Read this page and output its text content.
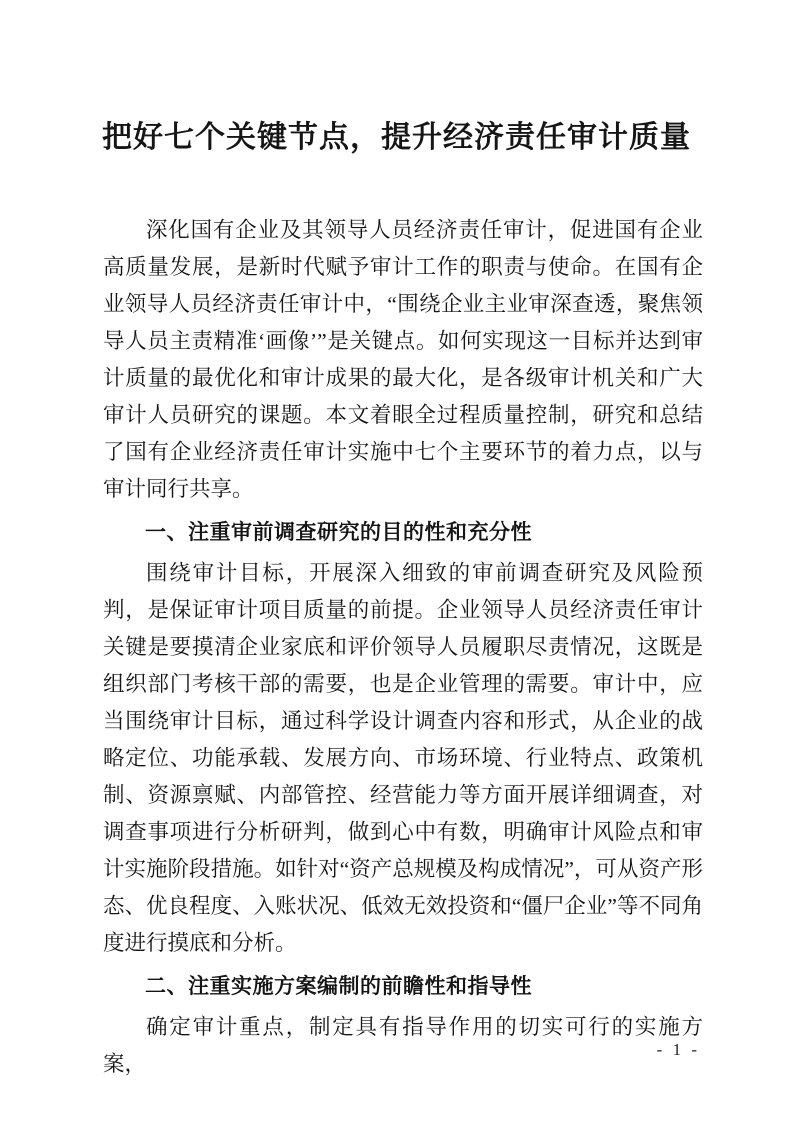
把好七个关键节点，提升经济责任审计质量

深化国有企业及其领导人员经济责任审计，促进国有企业高质量发展，是新时代赋予审计工作的职责与使命。在国有企业领导人员经济责任审计中，“围绕企业主业审深查透，聚焦领导人员主责精准‘画像’”是关键点。如何实现这一目标并达到审计质量的最优化和审计成果的最大化，是各级审计机关和广大审计人员研究的课题。本文着眼全过程质量控制，研究和总结了国有企业经济责任审计实施中七个主要环节的着力点，以与审计同行共享。

一、注重审前调查研究的目的性和充分性

围绕审计目标，开展深入细致的审前调查研究及风险预判，是保证审计项目质量的前提。企业领导人员经济责任审计关键是要摸清企业家底和评价领导人员履职尽责情况，这既是组织部门考核干部的需要，也是企业管理的需要。审计中，应当围绕审计目标，通过科学设计调查内容和形式，从企业的战略定位、功能承载、发展方向、市场环境、行业特点、政策机制、资源禀赋、内部管控、经营能力等方面开展详细调查，对调查事项进行分析研判，做到心中有数，明确审计风险点和审计实施阶段措施。如针对“资产总规模及构成情况”，可从资产形态、优良程度、入账状况、低效无效投资和“僵尸企业”等不同角度进行摸底和分析。

二、注重实施方案编制的前瞻性和指导性

确定审计重点，制定具有指导作用的切实可行的实施方案，

- 1 -
